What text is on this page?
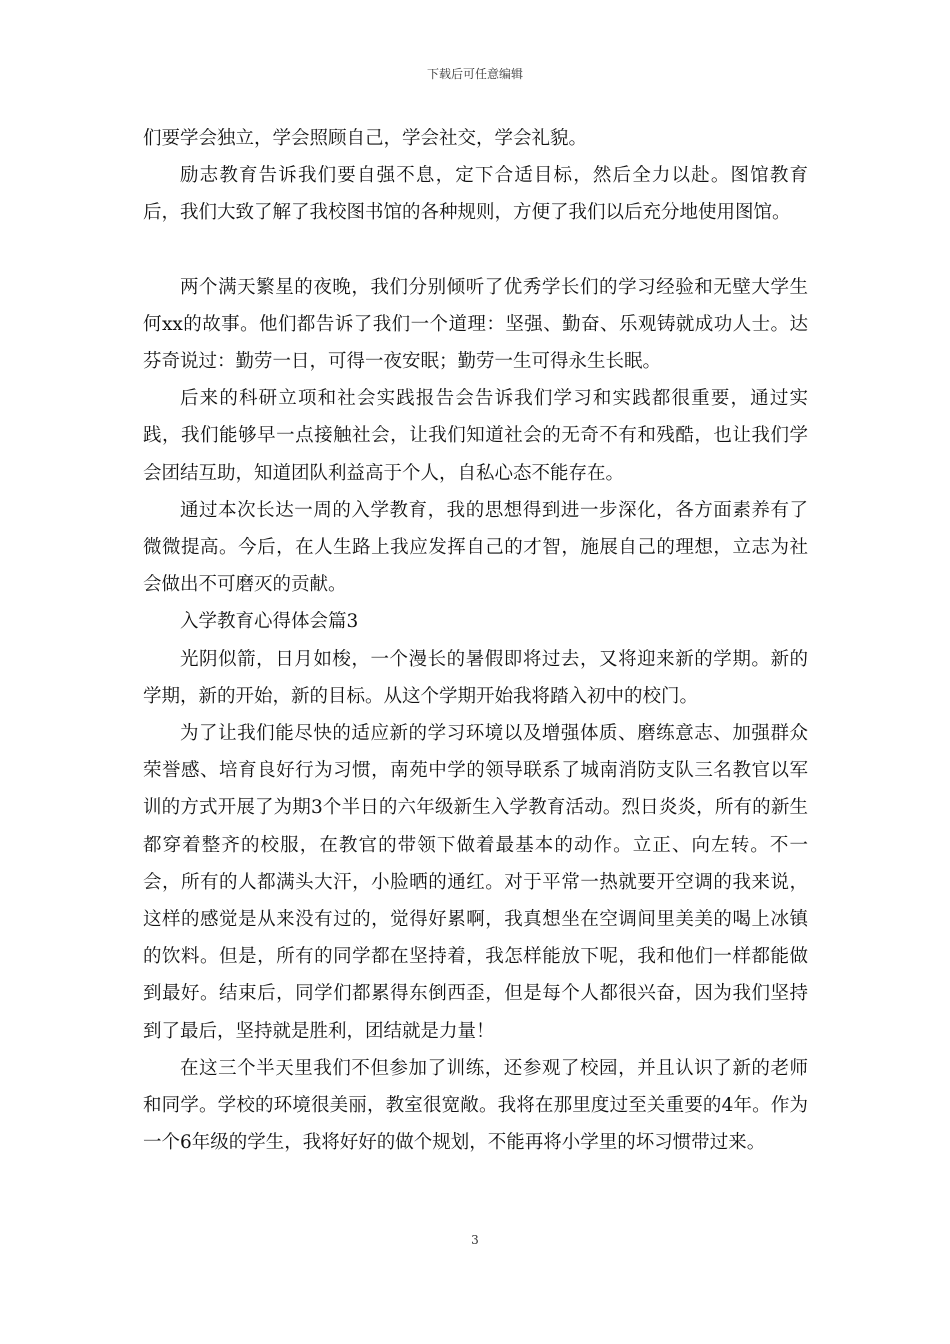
下载后可任意编辑

们要学会独立，学会照顾自己，学会社交，学会礼貌。

励志教育告诉我们要自强不息，定下合适目标，然后全力以赴。图馆教育后，我们大致了解了我校图书馆的各种规则，方便了我们以后充分地使用图馆。

两个满天繁星的夜晚，我们分别倾听了优秀学长们的学习经验和无壁大学生何xx的故事。他们都告诉了我们一个道理：坚强、勤奋、乐观铸就成功人士。达芬奇说过：勤劳一日，可得一夜安眠；勤劳一生可得永生长眠。

后来的科研立项和社会实践报告会告诉我们学习和实践都很重要，通过实践，我们能够早一点接触社会，让我们知道社会的无奇不有和残酷，也让我们学会团结互助，知道团队利益高于个人，自私心态不能存在。

通过本次长达一周的入学教育，我的思想得到进一步深化，各方面素养有了微微提高。今后，在人生路上我应发挥自己的才智，施展自己的理想，立志为社会做出不可磨灭的贡献。

入学教育心得体会篇3

光阴似箭，日月如梭，一个漫长的暑假即将过去，又将迎来新的学期。新的学期，新的开始，新的目标。从这个学期开始我将踏入初中的校门。

为了让我们能尽快的适应新的学习环境以及增强体质、磨练意志、加强群众荣誉感、培育良好行为习惯，南苑中学的领导联系了城南消防支队三名教官以军训的方式开展了为期3个半日的六年级新生入学教育活动。烈日炎炎，所有的新生都穿着整齐的校服，在教官的带领下做着最基本的动作。立正、向左转。不一会，所有的人都满头大汗，小脸晒的通红。对于平常一热就要开空调的我来说，这样的感觉是从来没有过的，觉得好累啊，我真想坐在空调间里美美的喝上冰镇的饮料。但是，所有的同学都在坚持着，我怎样能放下呢，我和他们一样都能做到最好。结束后，同学们都累得东倒西歪，但是每个人都很兴奋，因为我们坚持到了最后，坚持就是胜利，团结就是力量！

在这三个半天里我们不但参加了训练，还参观了校园，并且认识了新的老师和同学。学校的环境很美丽，教室很宽敞。我将在那里度过至关重要的4年。作为一个6年级的学生，我将好好的做个规划，不能再将小学里的坏习惯带过来。

3
